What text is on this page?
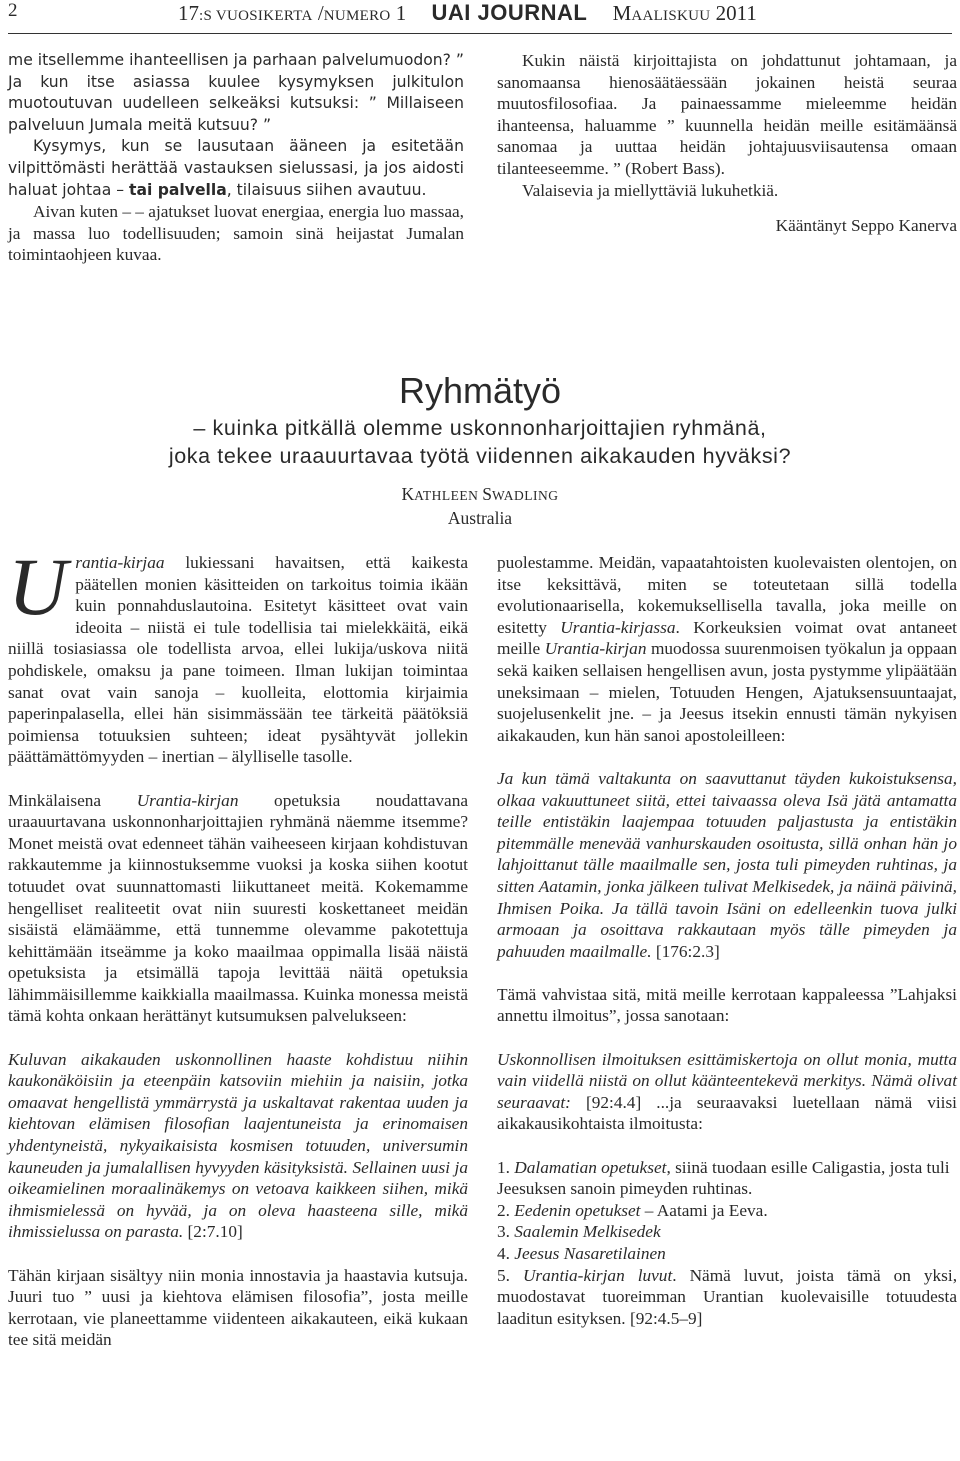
2	17:S VUOSIKERTA /NUMERO 1 UAI JOURNAL MAALISKUU 2011

me itsellemme ihanteellisen ja parhaan palvelumuodon? ” Ja kun itse asiassa kuulee kysymyksen julkitulon muotoutuvan uudelleen selkeäksi kutsuksi: ” Millaiseen palveluun Jumala meitä kutsuu? ”

Kysymys, kun se lausutaan ääneen ja esitetään vilpittömästi herättää vastauksen sielussasi, ja jos aidosti haluat johtaa – tai palvella, tilaisuus siihen avautuu.

Aivan kuten – – ajatukset luovat energiaa, energia luo massaa, ja massa luo todellisuuden; samoin sinä heijastat Jumalan toimintaohjeen kuvaa.

Kukin näistä kirjoittajista on johdattunut johtamaan, ja sanomaansa hienosäätäessään jokainen heistä seuraa muutosfilosofiaa. Ja painaessamme mieleemme heidän ihanteensa, haluamme ” kuunnella heidän meille esitämäänsä sanomaa ja uuttaa heidän johtajuusviisautensa omaan tilanteeseemme. ” (Robert Bass).

Valaisevia ja miellyttäviä lukuhetkiä.

Kääntänyt Seppo Kanerva

Ryhmätyö
– kuinka pitkällä olemme uskonnonharjoittajien ryhmänä,
joka tekee uraauurtavaa työtä viidennen aikakauden hyväksi?
KATHLEEN SWADLING
Australia

Urantia-kirjaa lukiessani havaitsen, että kaikesta päätellen monien käsitteiden on tarkoitus toimia ikään kuin ponnahduslautoina. Esitetyt käsitteet ovat vain ideoita – niistä ei tule todellisia tai mielekkäitä, eikä niillä tosiasiassa ole todellista arvoa, ellei lukija/uskova niitä pohdiskele, omaksu ja pane toimeen. Ilman lukijan toimintaa sanat ovat vain sanoja – kuolleita, elottomia kirjaimia paperinpalasella, ellei hän sisimmässään tee tärkeitä päätöksiä poimiensa totuuksien suhteen; ideat pysähtyvät jollekin päättämättömyyden – inertian – älylliselle tasolle.

Minkälaisena Urantia-kirjan opetuksia noudattavana uraauurtavana uskonnonharjoittajien ryhmänä näemme itsemme? Monet meistä ovat edenneet tähän vaiheeseen kirjaan kohdistuvan rakkautemme ja kiinnostuksemme vuoksi ja koska siihen kootut totuudet ovat suunnattomasti liikuttaneet meitä. Kokemamme hengelliset realiteetit ovat niin suuresti koskettaneet meidän sisäistä elämäämme, että tunnemme olevamme pakotettuja kehittämään itseämme ja koko maailmaa oppimalla lisää näistä opetuksista ja etsimällä tapoja levittää näitä opetuksia lähimmäisillemme kaikkialla maailmassa. Kuinka monessa meistä tämä kohta onkaan herättänyt kutsumuksen palvelukseen:

Kuluvan aikakauden uskonnollinen haaste kohdistuu niihin kaukonäköisiin ja eteenpäin katsoviin miehiin ja naisiin, jotka omaavat hengellistä ymmärrystä ja uskaltavat rakentaa uuden ja kiehtovan elämisen filosofian laajentuneista ja erinomaisen yhdentyneistä, nykyaikaisista kosmisen totuuden, universumin kauneuden ja jumalallisen hyvyyden käsityksistä. Sellainen uusi ja oikeamielinen moraalinäkemys on vetoava kaikkeen siihen, mikä ihmismielessä on hyvää, ja on oleva haasteena sille, mikä ihmissielussa on parasta. [2:7.10]

Tähän kirjaan sisältyy niin monia innostavia ja haastavia kutsuja. Juuri tuo ” uusi ja kiehtova elämisen filosofia”, josta meille kerrotaan, vie planeettamme viidenteen aikakauteen, eikä kukaan tee sitä meidän

puolestamme. Meidän, vapaatahtoisten kuolevaisten olentojen, on itse keksittävä, miten se toteutetaan sillä todella evolutionaarisella, kokemuksellisella tavalla, joka meille on esitetty Urantia-kirjassa. Korkeuksien voimat ovat antaneet meille Urantia-kirjan muodossa suurenmoisen työkalun ja oppaan sekä kaiken sellaisen hengellisen avun, josta pystymme ylipäätään uneksimaan – mielen, Totuuden Hengen, Ajatuksensuuntaajat, suojelusenkelit jne. – ja Jeesus itsekin ennusti tämän nykyisen aikakauden, kun hän sanoi apostoleilleen:

Ja kun tämä valtakunta on saavuttanut täyden kukoistuksensa, olkaa vakuuttuneet siitä, ettei taivaassa oleva Isä jätä antamatta teille entistäkin laajempaa totuuden paljastusta ja entistäkin pitemmälle menevää vanhurskauden osoitusta, sillä onhan hän jo lahjoittanut tälle maailmalle sen, josta tuli pimeyden ruhtinas, ja sitten Aatamin, jonka jälkeen tulivat Melkisedek, ja näinä päivinä, Ihmisen Poika. Ja tällä tavoin Isäni on edelleenkin tuova julki armoaan ja osoittava rakkautaan myös tälle pimeyden ja pahuuden maailmalle. [176:2.3]

Tämä vahvistaa sitä, mitä meille kerrotaan kappaleessa ”Lahjaksi annettu ilmoitus”, jossa sanotaan:

Uskonnollisen ilmoituksen esittämiskertoja on ollut monia, mutta vain viidellä niistä on ollut käänteentekevä merkitys. Nämä olivat seuraavat: [92:4.4] ...ja seuraavaksi luetellaan nämä viisi aikakausikohtaista ilmoitusta:

1. Dalamatian opetukset, siinä tuodaan esille Caligastia, josta tuli Jeesuksen sanoin pimeyden ruhtinas.

2. Eedenin opetukset – Aatami ja Eeva.

3. Saalemin Melkisedek

4. Jeesus Nasaretilainen

5. Urantia-kirjan luvut. Nämä luvut, joista tämä on yksi, muodostavat tuoreimman Urantian kuolevaisille totuudesta laaditun esityksen. [92:4.5–9]
